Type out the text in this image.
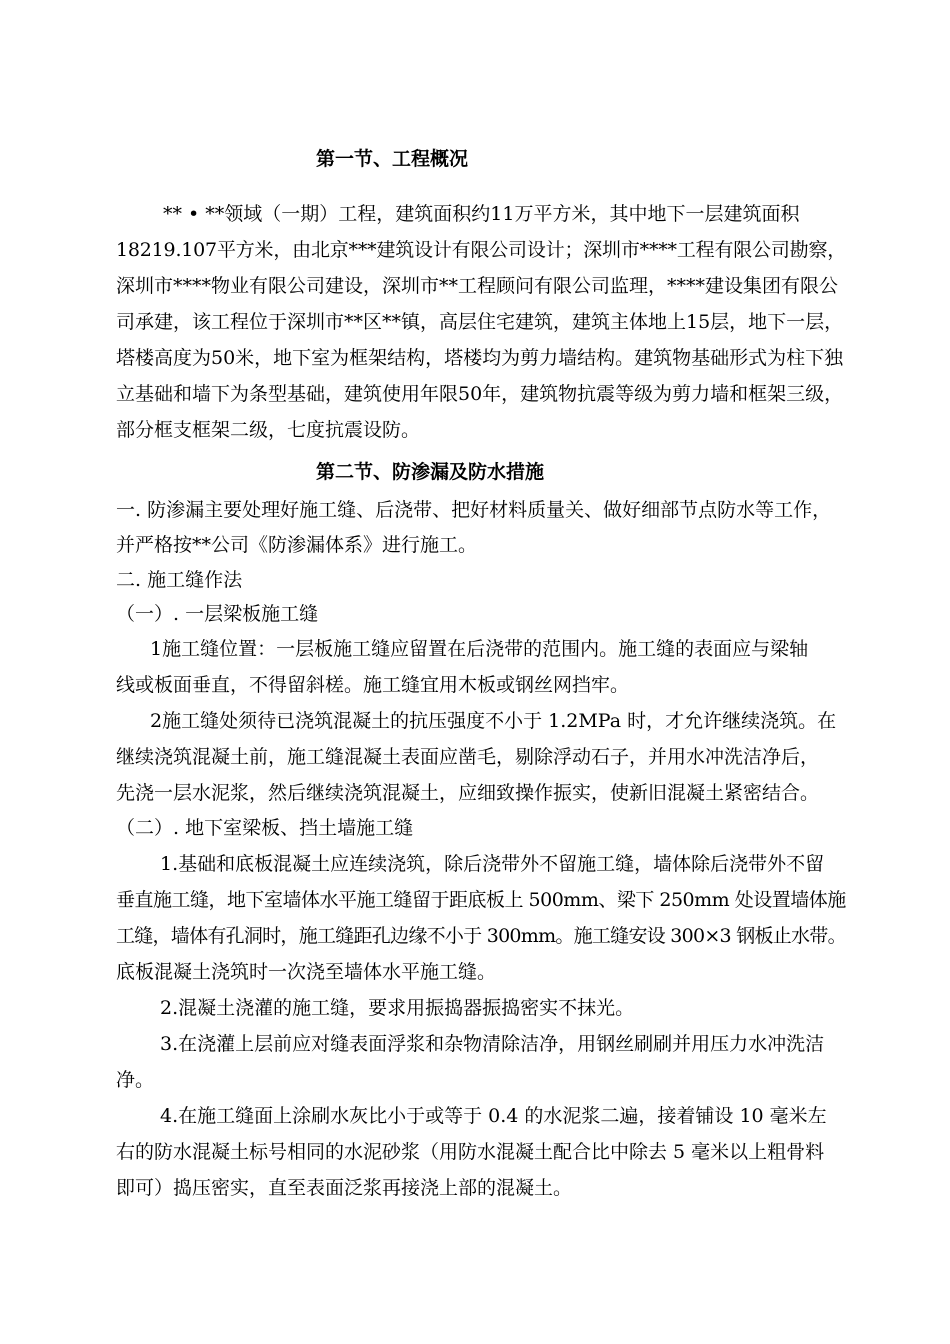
第一节、工程概况
** • **领域（一期）工程，建筑面积约11万平方米，其中地下一层建筑面积
18219.107平方米，由北京***建筑设计有限公司设计；深圳市****工程有限公司勘察，
深圳市****物业有限公司建设，深圳市**工程顾问有限公司监理，****建设集团有限公
司承建，该工程位于深圳市**区**镇，高层住宅建筑，建筑主体地上15层，地下一层，
塔楼高度为50米，地下室为框架结构，塔楼均为剪力墙结构。建筑物基础形式为柱下独
立基础和墙下为条型基础，建筑使用年限50年，建筑物抗震等级为剪力墙和框架三级，
部分框支框架二级，七度抗震设防。
第二节、防渗漏及防水措施
一. 防渗漏主要处理好施工缝、后浇带、把好材料质量关、做好细部节点防水等工作，
并严格按**公司《防渗漏体系》进行施工。
二. 施工缝作法
（一）. 一层梁板施工缝
1施工缝位置：一层板施工缝应留置在后浇带的范围内。施工缝的表面应与梁轴
线或板面垂直，不得留斜槎。施工缝宜用木板或钢丝网挡牢。
2施工缝处须待已浇筑混凝土的抗压强度不小于 1.2MPa 时，才允许继续浇筑。在
继续浇筑混凝土前，施工缝混凝土表面应凿毛，剔除浮动石子，并用水冲洗洁净后，
先浇一层水泥浆，然后继续浇筑混凝土，应细致操作振实，使新旧混凝土紧密结合。
（二）. 地下室梁板、挡土墙施工缝
1.基础和底板混凝土应连续浇筑，除后浇带外不留施工缝，墙体除后浇带外不留
垂直施工缝，地下室墙体水平施工缝留于距底板上 500mm、梁下 250mm 处设置墙体施
工缝，墙体有孔洞时，施工缝距孔边缘不小于 300mm。施工缝安设 300×3 钢板止水带。
底板混凝土浇筑时一次浇至墙体水平施工缝。
2.混凝土浇灌的施工缝，要求用振捣器振捣密实不抹光。
3.在浇灌上层前应对缝表面浮浆和杂物清除洁净，用钢丝刷刷并用压力水冲洗洁
净。
4.在施工缝面上涂刷水灰比小于或等于 0.4 的水泥浆二遍，接着铺设 10 毫米左
右的防水混凝土标号相同的水泥砂浆（用防水混凝土配合比中除去 5 毫米以上粗骨料
即可）捣压密实，直至表面泛浆再接浇上部的混凝土。
